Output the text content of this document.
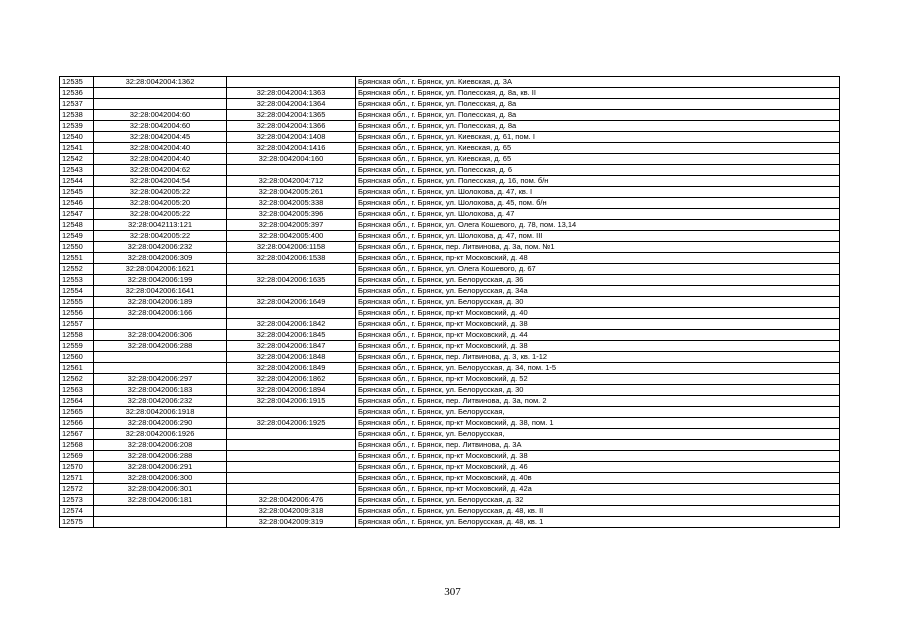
12535	32:28:0042004:1362		Брянская обл., г. Брянск, ул. Киевская, д. 3А
12536		32:28:0042004:1363	Брянская обл., г. Брянск, ул. Полесская, д. 8а, кв. II
12537		32:28:0042004:1364	Брянская обл., г. Брянск, ул. Полесская, д. 8а
12538	32:28:0042004:60	32:28:0042004:1365	Брянская обл., г. Брянск, ул. Полесская, д. 8а
12539	32:28:0042004:60	32:28:0042004:1366	Брянская обл., г. Брянск, ул. Полесская, д. 8а
12540	32:28:0042004:45	32:28:0042004:1408	Брянская обл., г. Брянск, ул. Киевская, д. 61, пом. I
12541	32:28:0042004:40	32:28:0042004:1416	Брянская обл., г. Брянск, ул. Киевская, д. 65
12542	32:28:0042004:40	32:28:0042004:160	Брянская обл., г. Брянск, ул. Киевская, д. 65
12543	32:28:0042004:62		Брянская обл., г. Брянск, ул. Полесская, д. 6
12544	32:28:0042004:54	32:28:0042004:712	Брянская обл., г. Брянск, ул. Полесская, д. 16, пом. б/н
12545	32:28:0042005:22	32:28:0042005:261	Брянская обл., г. Брянск, ул. Шолохова, д. 47, кв. I
12546	32:28:0042005:20	32:28:0042005:338	Брянская обл., г. Брянск, ул. Шолохова, д. 45, пом. б/н
12547	32:28:0042005:22	32:28:0042005:396	Брянская обл., г. Брянск, ул. Шолохова, д. 47
12548	32:28:0042113:121	32:28:0042005:397	Брянская обл., г. Брянск, ул. Олега Кошевого, д. 78, пом. 13,14
12549	32:28:0042005:22	32:28:0042005:400	Брянская обл., г. Брянск, ул. Шолохова, д. 47, пом. III
12550	32:28:0042006:232	32:28:0042006:1158	Брянская обл., г. Брянск, пер. Литвинова, д. 3а, пом. №1
12551	32:28:0042006:309	32:28:0042006:1538	Брянская обл., г. Брянск, пр-кт Московский, д. 48
12552	32:28:0042006:1621		Брянская обл., г. Брянск, ул. Олега Кошевого, д. 67
12553	32:28:0042006:199	32:28:0042006:1635	Брянская обл., г. Брянск, ул. Белорусская, д. 36
12554	32:28:0042006:1641		Брянская обл., г. Брянск, ул. Белорусская, д. 34а
12555	32:28:0042006:189	32:28:0042006:1649	Брянская обл., г. Брянск, ул. Белорусская, д. 30
12556	32:28:0042006:166		Брянская обл., г. Брянск, пр-кт Московский, д. 40
12557		32:28:0042006:1842	Брянская обл., г. Брянск, пр-кт Московский, д. 38
12558	32:28:0042006:306	32:28:0042006:1845	Брянская обл., г. Брянск, пр-кт Московский, д. 44
12559	32:28:0042006:288	32:28:0042006:1847	Брянская обл., г. Брянск, пр-кт Московский, д. 38
12560		32:28:0042006:1848	Брянская обл., г. Брянск, пер. Литвинова, д. 3, кв. 1-12
12561		32:28:0042006:1849	Брянская обл., г. Брянск, ул. Белорусская, д. 34, пом. 1-5
12562	32:28:0042006:297	32:28:0042006:1862	Брянская обл., г. Брянск, пр-кт Московский, д. 52
12563	32:28:0042006:183	32:28:0042006:1894	Брянская обл., г. Брянск, ул. Белорусская, д. 30
12564	32:28:0042006:232	32:28:0042006:1915	Брянская обл., г. Брянск, пер. Литвинова, д. 3а, пом. 2
12565	32:28:0042006:1918		Брянская обл., г. Брянск, ул. Белорусская,
12566	32:28:0042006:290	32:28:0042006:1925	Брянская обл., г. Брянск, пр-кт Московский, д. 38, пом. 1
12567	32:28:0042006:1926		Брянская обл., г. Брянск, ул. Белорусская,
12568	32:28:0042006:208		Брянская обл., г. Брянск, пер. Литвинова, д. 3А
12569	32:28:0042006:288		Брянская обл., г. Брянск, пр-кт Московский, д. 38
12570	32:28:0042006:291		Брянская обл., г. Брянск, пр-кт Московский, д. 46
12571	32:28:0042006:300		Брянская обл., г. Брянск, пр-кт Московский, д. 40в
12572	32:28:0042006:301		Брянская обл., г. Брянск, пр-кт Московский, д. 42а
12573	32:28:0042006:181	32:28:0042006:476	Брянская обл., г. Брянск, ул. Белорусская, д. 32
12574		32:28:0042009:318	Брянская обл., г. Брянск, ул. Белорусская, д. 48, кв. II
12575		32:28:0042009:319	Брянская обл., г. Брянск, ул. Белорусская, д. 48, кв. 1
307
